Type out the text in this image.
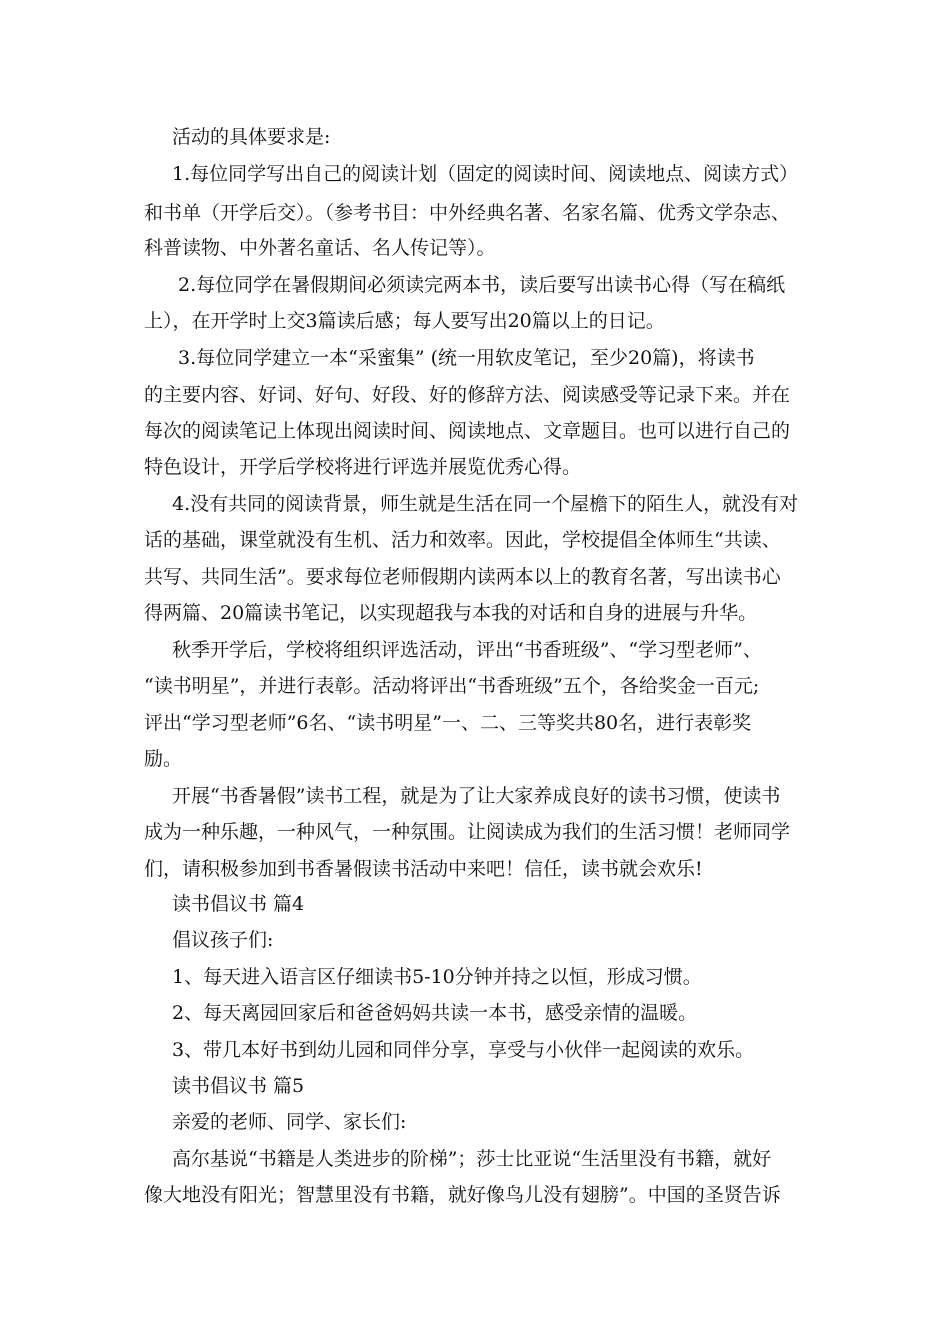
活动的具体要求是:
1.每位同学写出自己的阅读计划（固定的阅读时间、阅读地点、阅读方式）
和书单（开学后交）。（参考书目：中外经典名著、名家名篇、优秀文学杂志、
科普读物、中外著名童话、名人传记等）。
2.每位同学在暑假期间必须读完两本书，读后要写出读书心得（写在稿纸
上），在开学时上交3篇读后感；每人要写出20篇以上的日记。
3.每位同学建立一本“采蜜集” (统一用软皮笔记，至少20篇)，将读书
的主要内容、好词、好句、好段、好的修辞方法、阅读感受等记录下来。并在
每次的阅读笔记上体现出阅读时间、阅读地点、文章题目。也可以进行自己的
特色设计，开学后学校将进行评选并展览优秀心得。
4.没有共同的阅读背景，师生就是生活在同一个屋檐下的陌生人，就没有对
话的基础，课堂就没有生机、活力和效率。因此，学校提倡全体师生“共读、
共写、共同生活”。要求每位老师假期内读两本以上的教育名著，写出读书心
得两篇、20篇读书笔记，以实现超我与本我的对话和自身的进展与升华。
秋季开学后，学校将组织评选活动，评出“书香班级”、“学习型老师”、
“读书明星”，并进行表彰。活动将评出“书香班级”五个，各给奖金一百元;
评出“学习型老师”6名、“读书明星”一、二、三等奖共80名，进行表彰奖
励。
开展“书香暑假”读书工程，就是为了让大家养成良好的读书习惯，使读书
成为一种乐趣，一种风气，一种氛围。让阅读成为我们的生活习惯！老师同学
们，请积极参加到书香暑假读书活动中来吧！信任，读书就会欢乐!
读书倡议书 篇4
倡议孩子们:
1、每天进入语言区仔细读书5-10分钟并持之以恒，形成习惯。
2、每天离园回家后和爸爸妈妈共读一本书，感受亲情的温暖。
3、带几本好书到幼儿园和同伴分享，享受与小伙伴一起阅读的欢乐。
读书倡议书 篇5
亲爱的老师、同学、家长们:
高尔基说“书籍是人类进步的阶梯”；莎士比亚说“生活里没有书籍，就好
像大地没有阳光；智慧里没有书籍，就好像鸟儿没有翅膀”。中国的圣贤告诉
